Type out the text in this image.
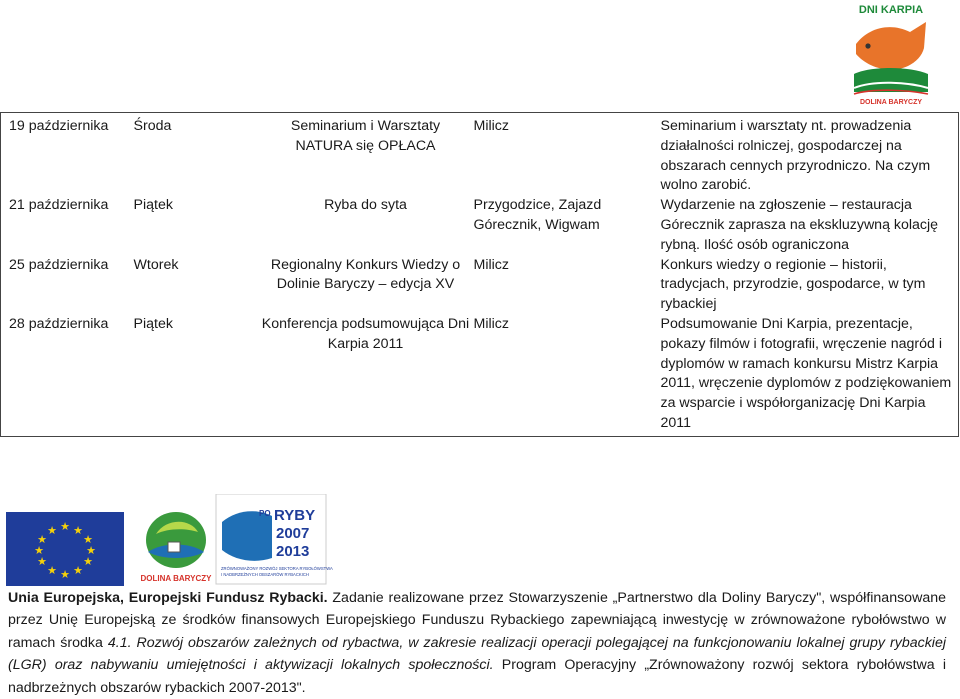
DNI KARPIA
DOLINA BARYCZY
19 października	Środa	Seminarium i Warsztaty NATURA się OPŁACA	Milicz	Seminarium i warsztaty nt. prowadzenia działalności rolniczej, gospodarczej na obszarach cennych przyrodniczo. Na czym wolno zarobić.
21 października	Piątek	Ryba do syta	Przygodzice, Zajazd Górecznik, Wigwam	Wydarzenie na zgłoszenie – restauracja Górecznik zaprasza na ekskluzywną kolację rybną. Ilość osób ograniczona
25 października	Wtorek	Regionalny Konkurs Wiedzy o Dolinie Baryczy – edycja XV	Milicz	Konkurs wiedzy o regionie – historii, tradycjach, przyrodzie, gospodarce, w tym rybackiej
28 października	Piątek	Konferencja podsumowująca Dni Karpia 2011	Milicz	Podsumowanie Dni Karpia, prezentacje, pokazy filmów i fotografii, wręczenie nagród i dyplomów w ramach konkursu Mistrz Karpia 2011, wręczenie dyplomów z podziękowaniem za wsparcie i współorganizację Dni Karpia 2011
★ ★
★
★
★
★
★
★
★
★
★
★
DOLINA BARYCZY
PO RYBY
2007
2013
ZRÓWNOWAŻONY ROZWÓJ SEKTORA RYBOŁÓWSTWA
I NADBRZEŻNYCH OBSZARÓW RYBACKICH
Unia Europejska, Europejski Fundusz Rybacki. Zadanie realizowane przez Stowarzyszenie „Partnerstwo dla Doliny Baryczy", współfinansowane przez Unię Europejską ze środków finansowych Europejskiego Funduszu Rybackiego zapewniającą inwestycję w zrównoważone rybołówstwo w ramach środka 4.1. Rozwój obszarów zależnych od rybactwa, w zakresie realizacji operacji polegającej na funkcjonowaniu lokalnej grupy rybackiej (LGR) oraz nabywaniu umiejętności i aktywizacji lokalnych społeczności. Program Operacyjny „Zrównoważony rozwój sektora rybołówstwa i nadbrzeżnych obszarów rybackich 2007-2013".
